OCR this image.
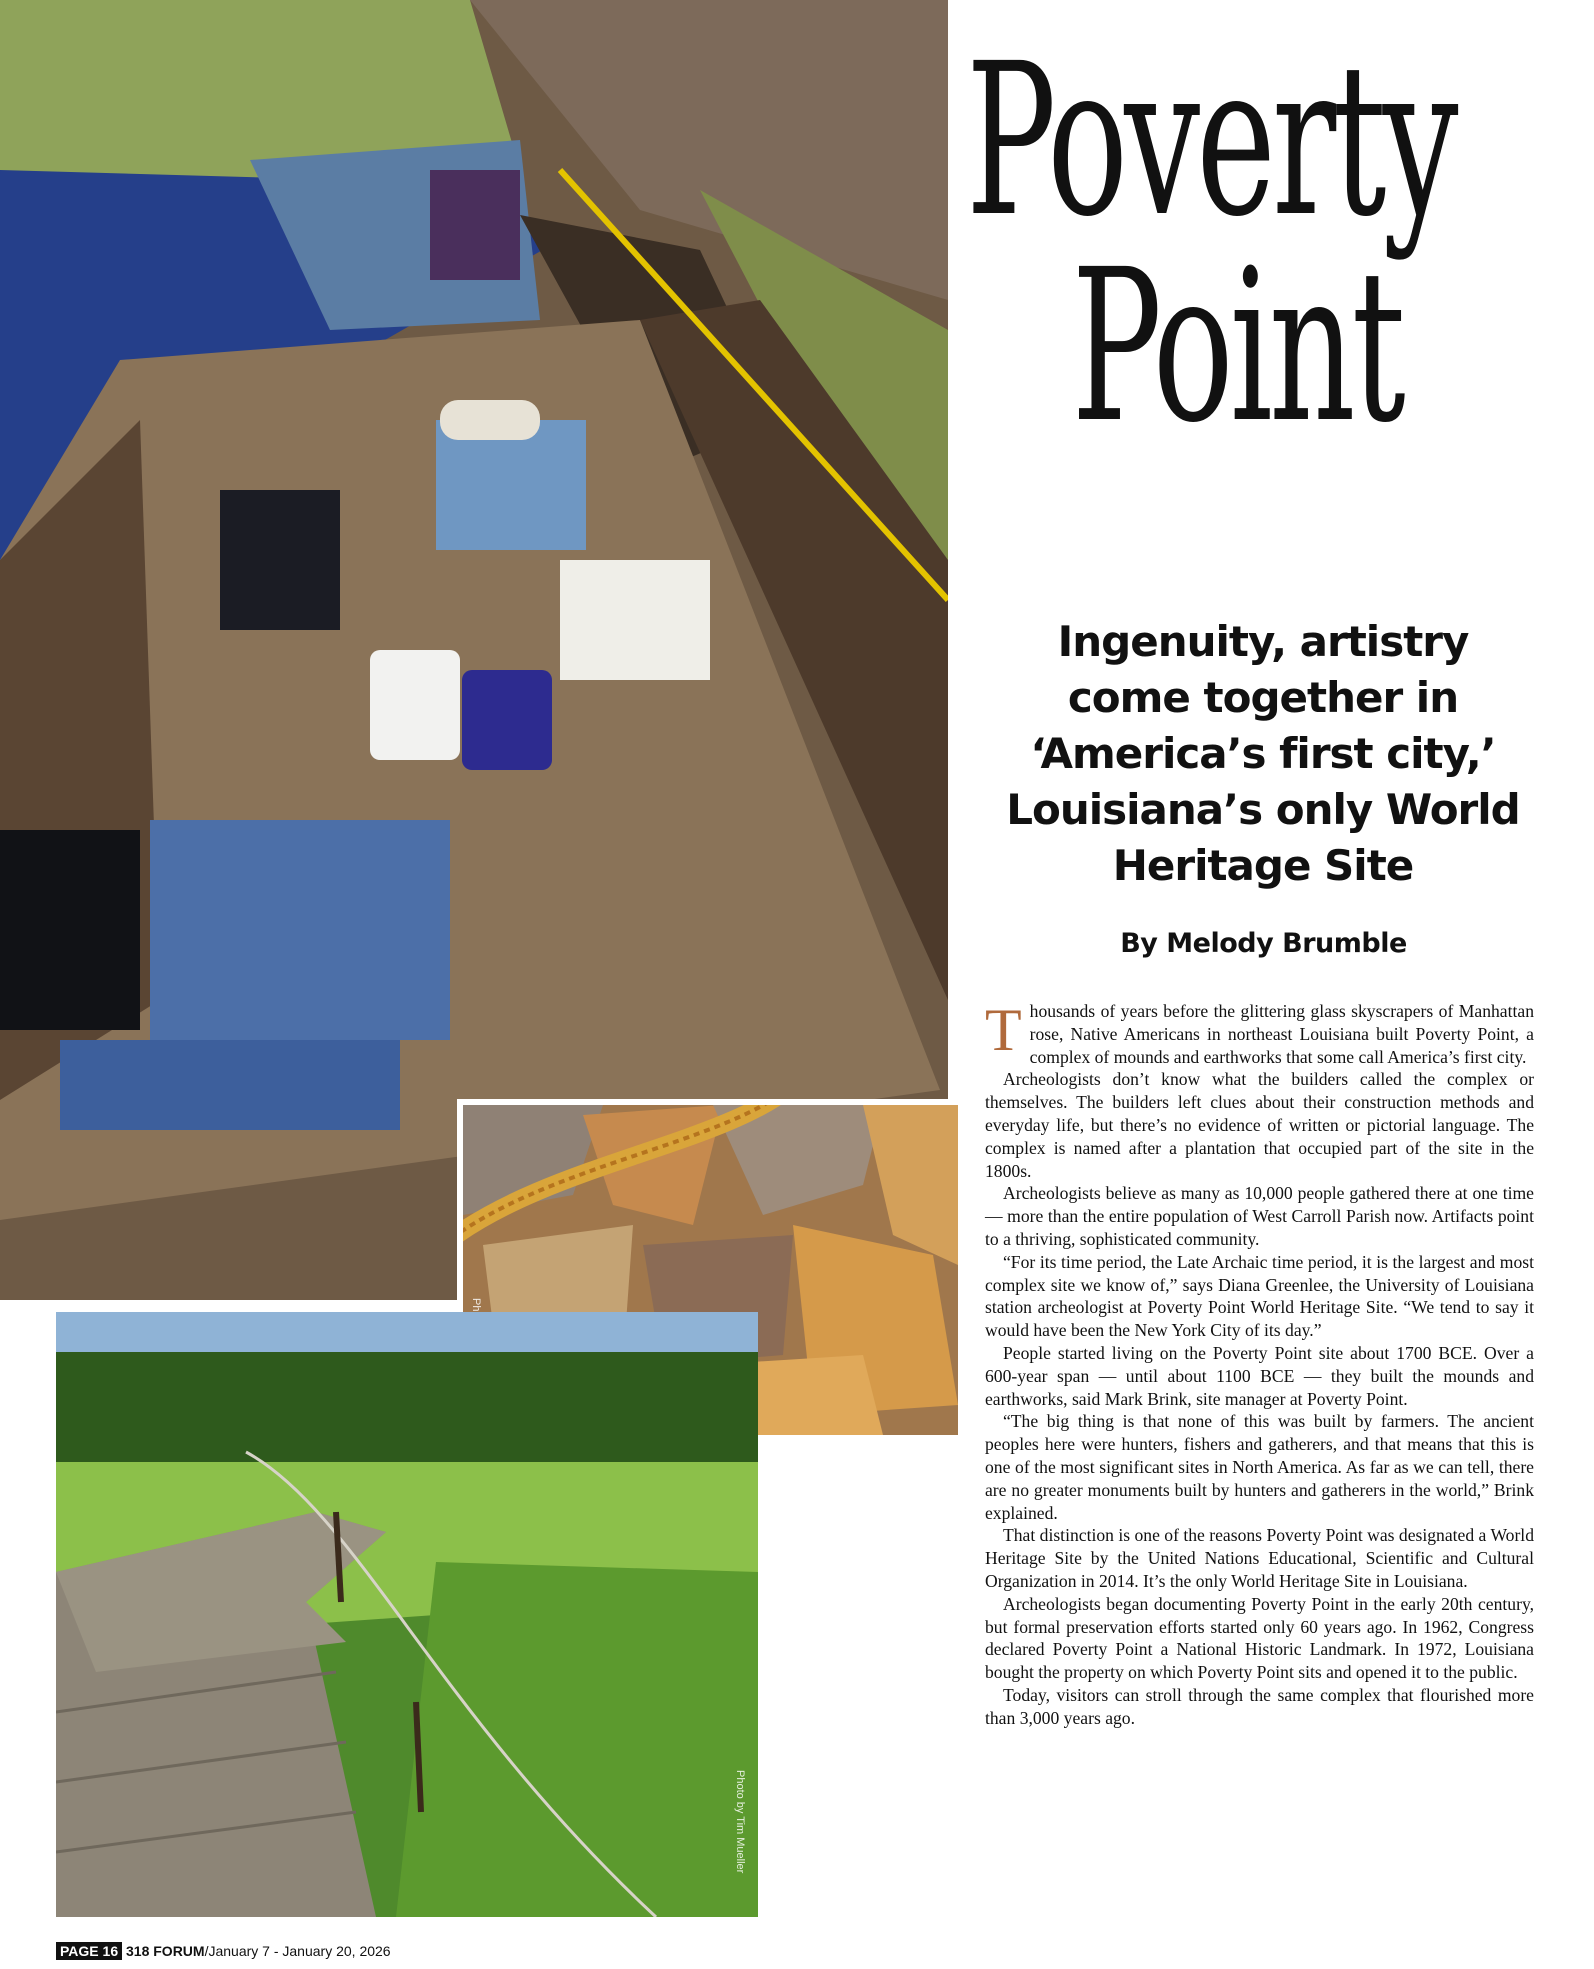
Photo by Tim Mueller
Poverty
Point
Ingenuity, artistry come together in ‘America’s first city,’ Louisiana’s only World Heritage Site
By Melody Brumble

Thousands of years before the glittering glass skyscrapers of Manhattan rose, Native Americans in northeast Louisiana built Poverty Point, a complex of mounds and earthworks that some call America’s first city.

Archeologists don’t know what the builders called the complex or themselves. The builders left clues about their construction methods and everyday life, but there’s no evidence of written or pictorial language. The complex is named after a plantation that occupied part of the site in the 1800s.

Archeologists believe as many as 10,000 people gathered there at one time — more than the entire population of West Carroll Parish now. Artifacts point to a thriving, sophisticated community.

“For its time period, the Late Archaic time period, it is the largest and most complex site we know of,” says Diana Greenlee, the University of Louisiana station archeologist at Poverty Point World Heritage Site. “We tend to say it would have been the New York City of its day.”

People started living on the Poverty Point site about 1700 BCE. Over a 600-year span — until about 1100 BCE — they built the mounds and earthworks, said Mark Brink, site manager at Poverty Point.

“The big thing is that none of this was built by farmers. The ancient peoples here were hunters, fishers and gatherers, and that means that this is one of the most significant sites in North America. As far as we can tell, there are no greater monuments built by hunters and gatherers in the world,” Brink explained.

That distinction is one of the reasons Poverty Point was designated a World Heritage Site by the United Nations Educational, Scientific and Cultural Organization in 2014. It’s the only World Heritage Site in Louisiana.

Archeologists began documenting Poverty Point in the early 20th century, but formal preservation efforts started only 60 years ago. In 1962, Congress declared Poverty Point a National Historic Landmark. In 1972, Louisiana bought the property on which Poverty Point sits and opened it to the public.

Today, visitors can stroll through the same complex that flourished more than 3,000 years ago.

PAGE 16 318 FORUM/January 7 - January 20, 2026
